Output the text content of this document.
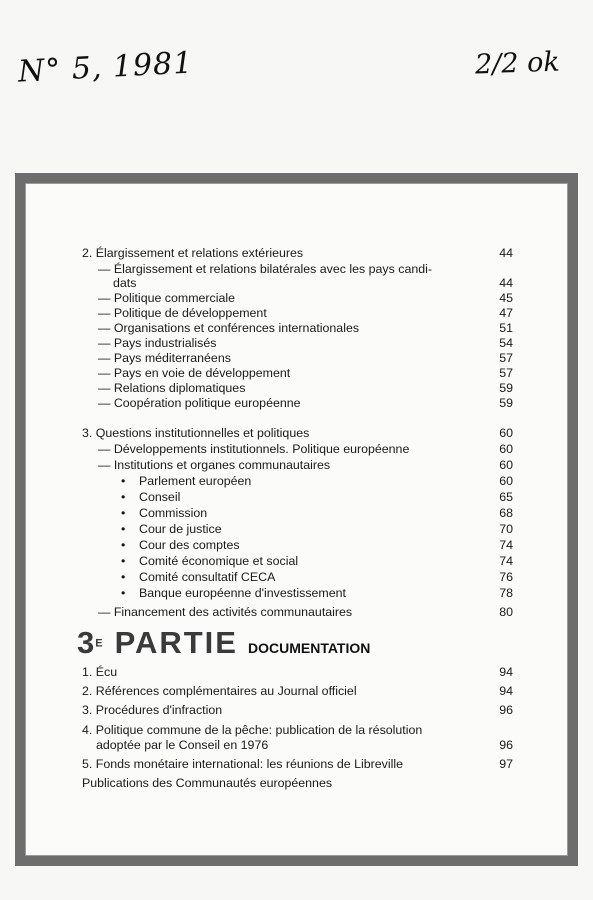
N° 5, 1981	2/2 ok
2. Élargissement et relations extérieures	44
— Élargissement et relations bilatérales avec les pays candi-
dats	44
— Politique commerciale	45
— Politique de développement	47
— Organisations et conférences internationales	51
— Pays industrialisés	54
— Pays méditerranéens	57
— Pays en voie de développement	57
— Relations diplomatiques	59
— Coopération politique européenne	59
3. Questions institutionnelles et politiques	60
— Développements institutionnels. Politique européenne	60
— Institutions et organes communautaires	60
• Parlement européen	60
• Conseil	65
• Commission	68
• Cour de justice	70
• Cour des comptes	74
• Comité économique et social	74
• Comité consultatif CECA	76
• Banque européenne d'investissement	78
— Financement des activités communautaires	80
$3^E$ PARTIE DOCUMENTATION
1. Écu	94
2. Références complémentaires au Journal officiel	94
3. Procédures d'infraction	96
4. Politique commune de la pêche: publication de la résolution
adoptée par le Conseil en 1976	96
5. Fonds monétaire international: les réunions de Libreville	97
Publications des Communautés européennes
